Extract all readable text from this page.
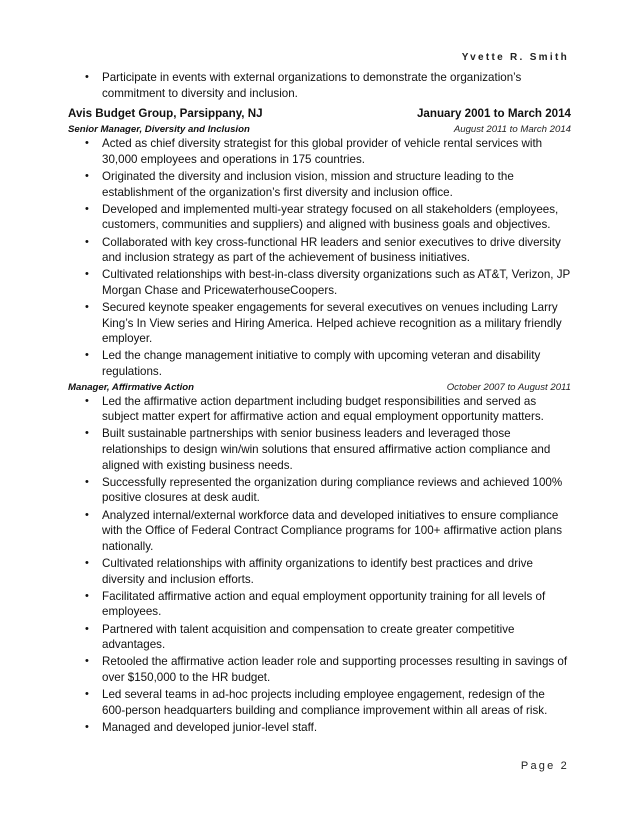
Yvette R. Smith
• Participate in events with external organizations to demonstrate the organization’s commitment to diversity and inclusion.
Avis Budget Group, Parsippany, NJ	January 2001 to March 2014
Senior Manager, Diversity and Inclusion	August 2011 to March 2014
• Acted as chief diversity strategist for this global provider of vehicle rental services with 30,000 employees and operations in 175 countries.
• Originated the diversity and inclusion vision, mission and structure leading to the establishment of the organization’s first diversity and inclusion office.
• Developed and implemented multi-year strategy focused on all stakeholders (employees, customers, communities and suppliers) and aligned with business goals and objectives.
• Collaborated with key cross-functional HR leaders and senior executives to drive diversity and inclusion strategy as part of the achievement of business initiatives.
• Cultivated relationships with best-in-class diversity organizations such as AT&T, Verizon, JP Morgan Chase and PricewaterhouseCoopers.
• Secured keynote speaker engagements for several executives on venues including Larry King’s In View series and Hiring America. Helped achieve recognition as a military friendly employer.
• Led the change management initiative to comply with upcoming veteran and disability regulations.
Manager, Affirmative Action	October 2007 to August 2011
• Led the affirmative action department including budget responsibilities and served as subject matter expert for affirmative action and equal employment opportunity matters.
• Built sustainable partnerships with senior business leaders and leveraged those relationships to design win/win solutions that ensured affirmative action compliance and aligned with existing business needs.
• Successfully represented the organization during compliance reviews and achieved 100% positive closures at desk audit.
• Analyzed internal/external workforce data and developed initiatives to ensure compliance with the Office of Federal Contract Compliance programs for 100+ affirmative action plans nationally.
• Cultivated relationships with affinity organizations to identify best practices and drive diversity and inclusion efforts.
• Facilitated affirmative action and equal employment opportunity training for all levels of employees.
• Partnered with talent acquisition and compensation to create greater competitive advantages.
• Retooled the affirmative action leader role and supporting processes resulting in savings of over $150,000 to the HR budget.
• Led several teams in ad-hoc projects including employee engagement, redesign of the 600-person headquarters building and compliance improvement within all areas of risk.
• Managed and developed junior-level staff.
Page 2
